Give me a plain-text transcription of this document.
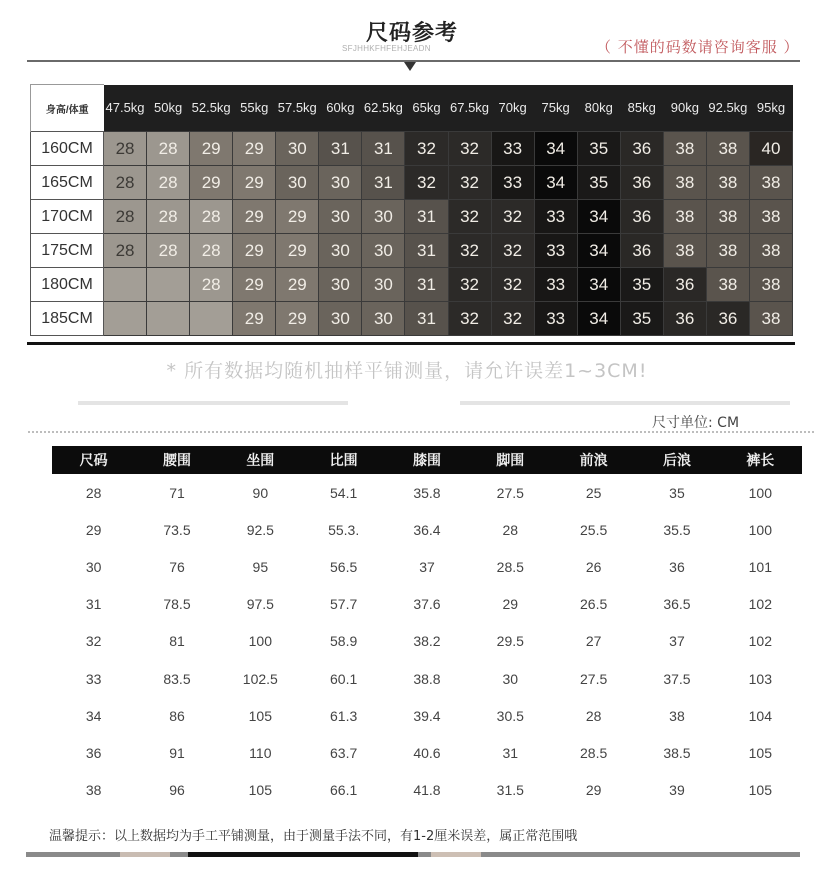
尺码参考
SFJHHKFHFEHJEADN	（ 不懂的码数请咨询客服 ）
身高/体重	47.5kg	50kg	52.5kg	55kg	57.5kg	60kg	62.5kg	65kg	67.5kg	70kg	75kg	80kg	85kg	90kg	92.5kg	95kg
160CM	28	28	29	29	30	31	31	32	32	33	34	35	36	38	38	40
165CM	28	28	29	29	30	30	31	32	32	33	34	35	36	38	38	38
170CM	28	28	28	29	29	30	30	31	32	32	33	34	36	38	38	38
175CM	28	28	28	29	29	30	30	31	32	32	33	34	36	38	38	38
180CM			28	29	29	30	30	31	32	32	33	34	35	36	38	38
185CM				29	29	30	30	31	32	32	33	34	35	36	36	38
* 所有数据均随机抽样平铺测量，请允许误差1~3CM!
尺寸单位: CM
尺码	腰围	坐围	比围	膝围	脚围	前浪	后浪	裤长
28	71	90	54.1	35.8	27.5	25	35	100
29	73.5	92.5	55.3.	36.4	28	25.5	35.5	100
30	76	95	56.5	37	28.5	26	36	101
31	78.5	97.5	57.7	37.6	29	26.5	36.5	102
32	81	100	58.9	38.2	29.5	27	37	102
33	83.5	102.5	60.1	38.8	30	27.5	37.5	103
34	86	105	61.3	39.4	30.5	28	38	104
36	91	110	63.7	40.6	31	28.5	38.5	105
38	96	105	66.1	41.8	31.5	29	39	105
温馨提示：以上数据均为手工平铺测量，由于测量手法不同，有1-2厘米误差，属正常范围哦
